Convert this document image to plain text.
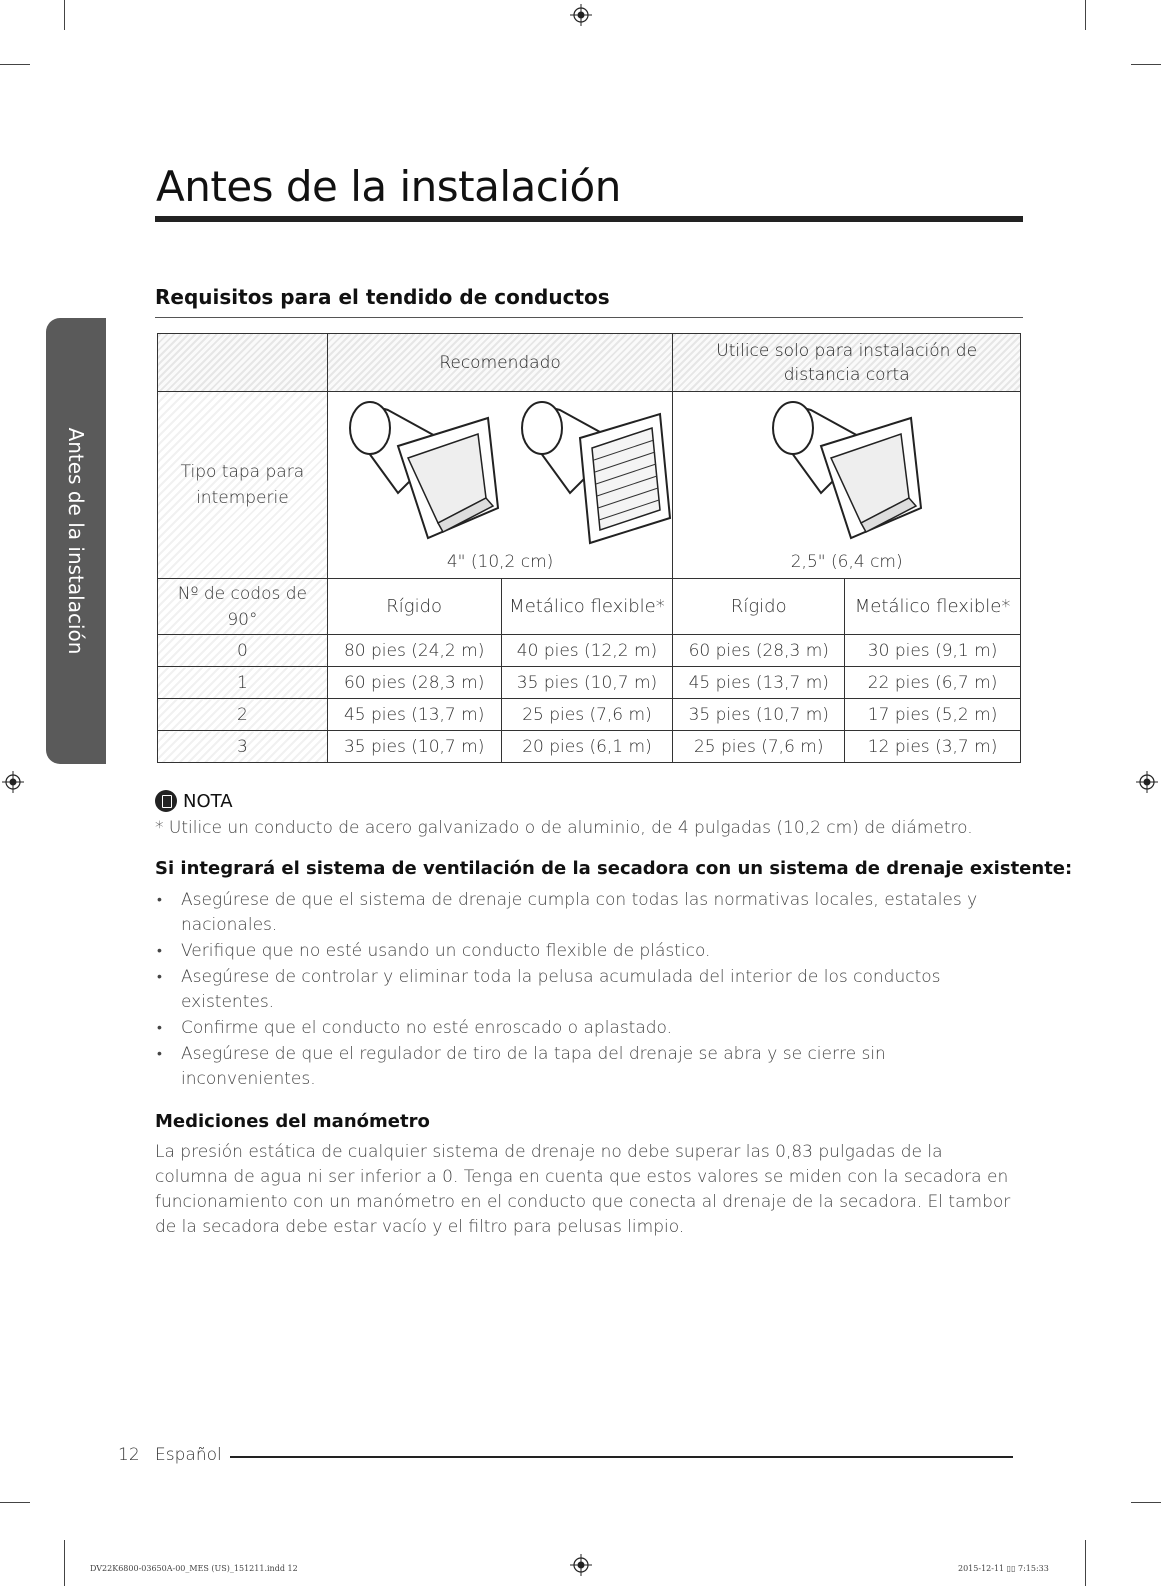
Antes de la instalación
Antes de la instalación
Requisitos para el tendido de conductos
	Recomendado		Utilice solo para instalación de
distancia corta	

Tipo tapa para
intemperie	4" (10,2 cm)		2,5" (6,4 cm)	

Nº de codos de
90°	Rígido	Metálico flexible*	Rígido	Metálico flexible*
0	80 pies (24,2 m)	40 pies (12,2 m)	60 pies (28,3 m)	30 pies (9,1 m)
1	60 pies (28,3 m)	35 pies (10,7 m)	45 pies (13,7 m)	22 pies (6,7 m)
2	45 pies (13,7 m)	25 pies (7,6 m)	35 pies (10,7 m)	17 pies (5,2 m)
3	35 pies (10,7 m)	20 pies (6,1 m)	25 pies (7,6 m)	12 pies (3,7 m)
NOTA
* Utilice un conducto de acero galvanizado o de aluminio, de 4 pulgadas (10,2 cm) de diámetro.
Si integrará el sistema de ventilación de la secadora con un sistema de drenaje existente:
• Asegúrese de que el sistema de drenaje cumpla con todas las normativas locales, estatales y nacionales.
• Verifique que no esté usando un conducto flexible de plástico.
• Asegúrese de controlar y eliminar toda la pelusa acumulada del interior de los conductos existentes.
• Confirme que el conducto no esté enroscado o aplastado.
• Asegúrese de que el regulador de tiro de la tapa del drenaje se abra y se cierre sin inconvenientes.
Mediciones del manómetro

La presión estática de cualquier sistema de drenaje no debe superar las 0,83 pulgadas de la columna de agua ni ser inferior a 0. Tenga en cuenta que estos valores se miden con la secadora en funcionamiento con un manómetro en el conducto que conecta al drenaje de la secadora. El tambor de la secadora debe estar vacío y el filtro para pelusas limpio.

12 Español
DV22K6800-03650A-00_MES (US)_151211.indd 12	2015-12-11 ▯▯ 7:15:33
